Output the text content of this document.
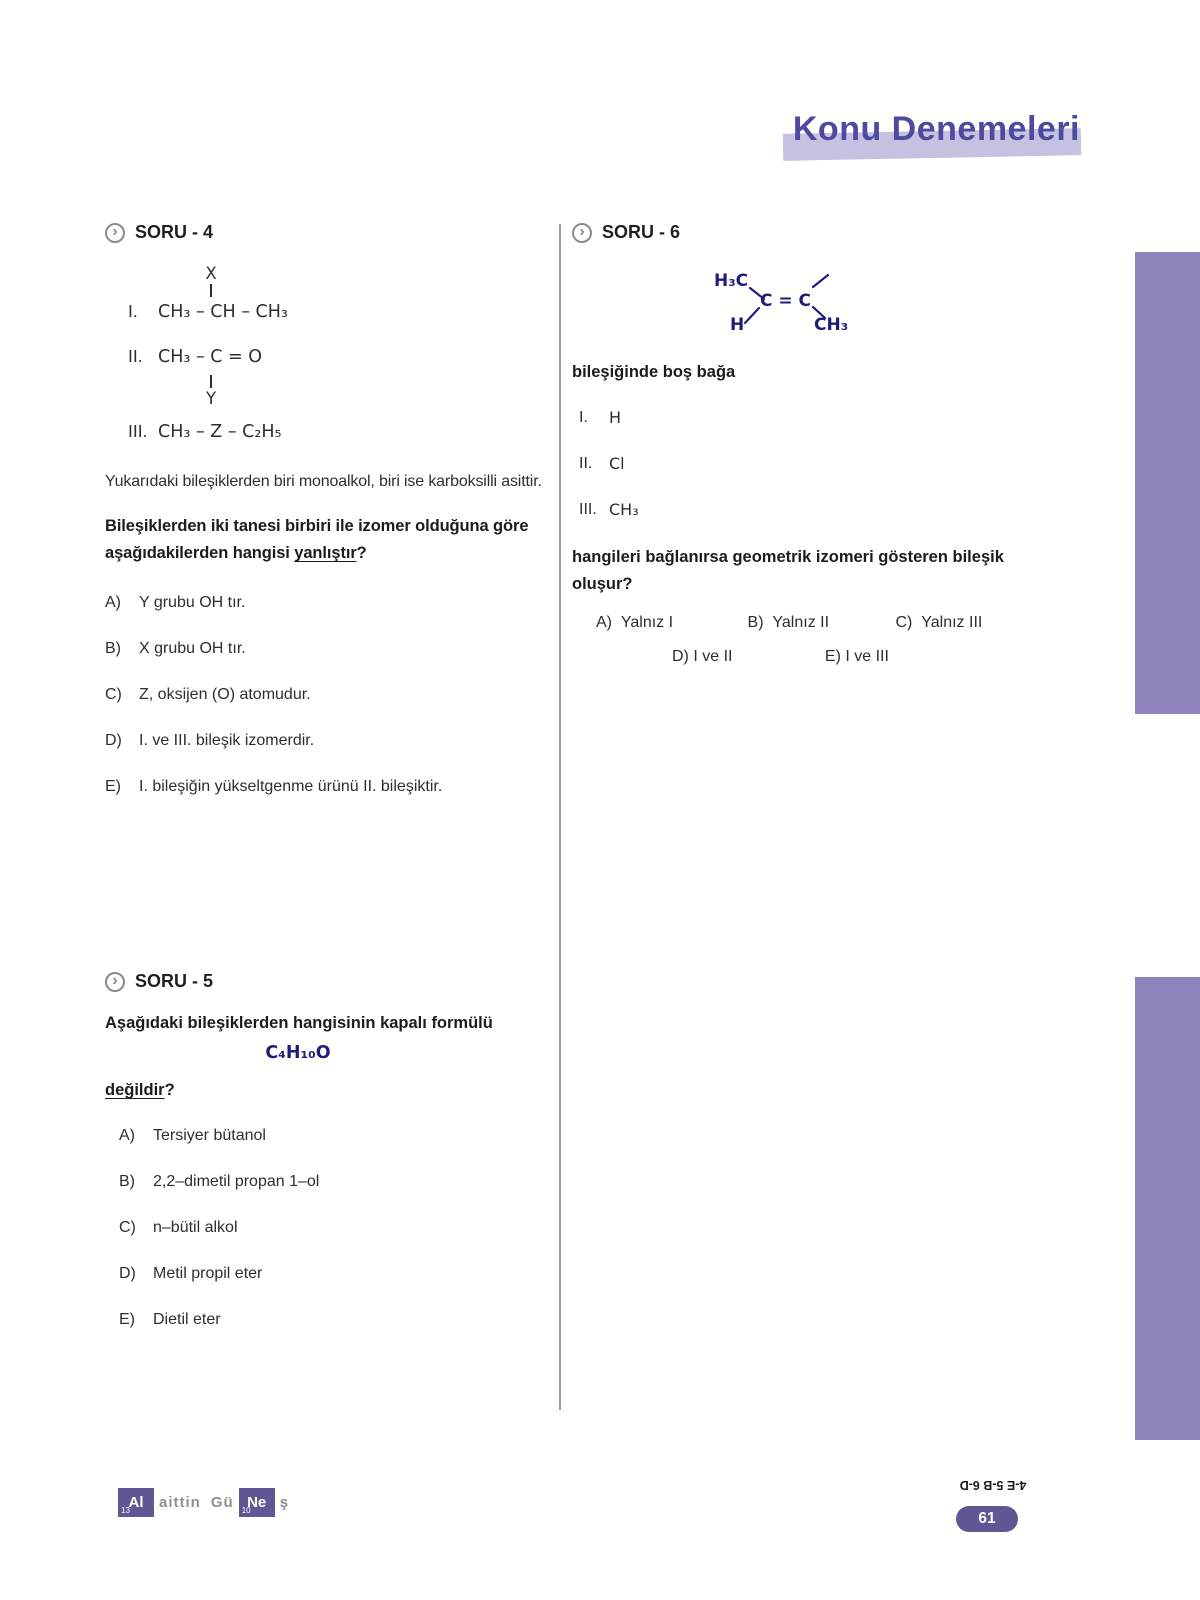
Konu Denemeleri
› SORU - 4
X
I.	CH₃ – CH – CH₃
Y
II. CH₃ – C = O
III. CH₃ – Z – C₂H₅
Yukarıdaki bileşiklerden biri monoalkol, biri ise karboksilli asittir.
Bileşiklerden iki tanesi birbiri ile izomer olduğuna göre aşağıdakilerden hangisi yanlıştır?
A)	Y grubu OH tır.
B)	X grubu OH tır.
C)	Z, oksijen (O) atomudur.
D)	I. ve III. bileşik izomerdir.
E)	I. bileşiğin yükseltgenme ürünü II. bileşiktir.
› SORU - 5
Aşağıdaki bileşiklerden hangisinin kapalı formülü
C₄H₁₀O
değildir?
A)	Tersiyer bütanol
B)	2,2–dimetil propan 1–ol
C)	n–bütil alkol
D)	Metil propil eter
E)	Dietil eter
› SORU - 6
H₃C
H
C = C
CH₃
bileşiğinde boş bağa
I.	H
II.	Cl
III. CH₃
hangileri bağlanırsa geometrik izomeri gösteren bileşik oluşur?
A) Yalnız I	B) Yalnız II	C) Yalnız III
D) I ve II	E) I ve III
13
Al aittin Gü 10
Ne ş
4-E 5-B 6-D
61
